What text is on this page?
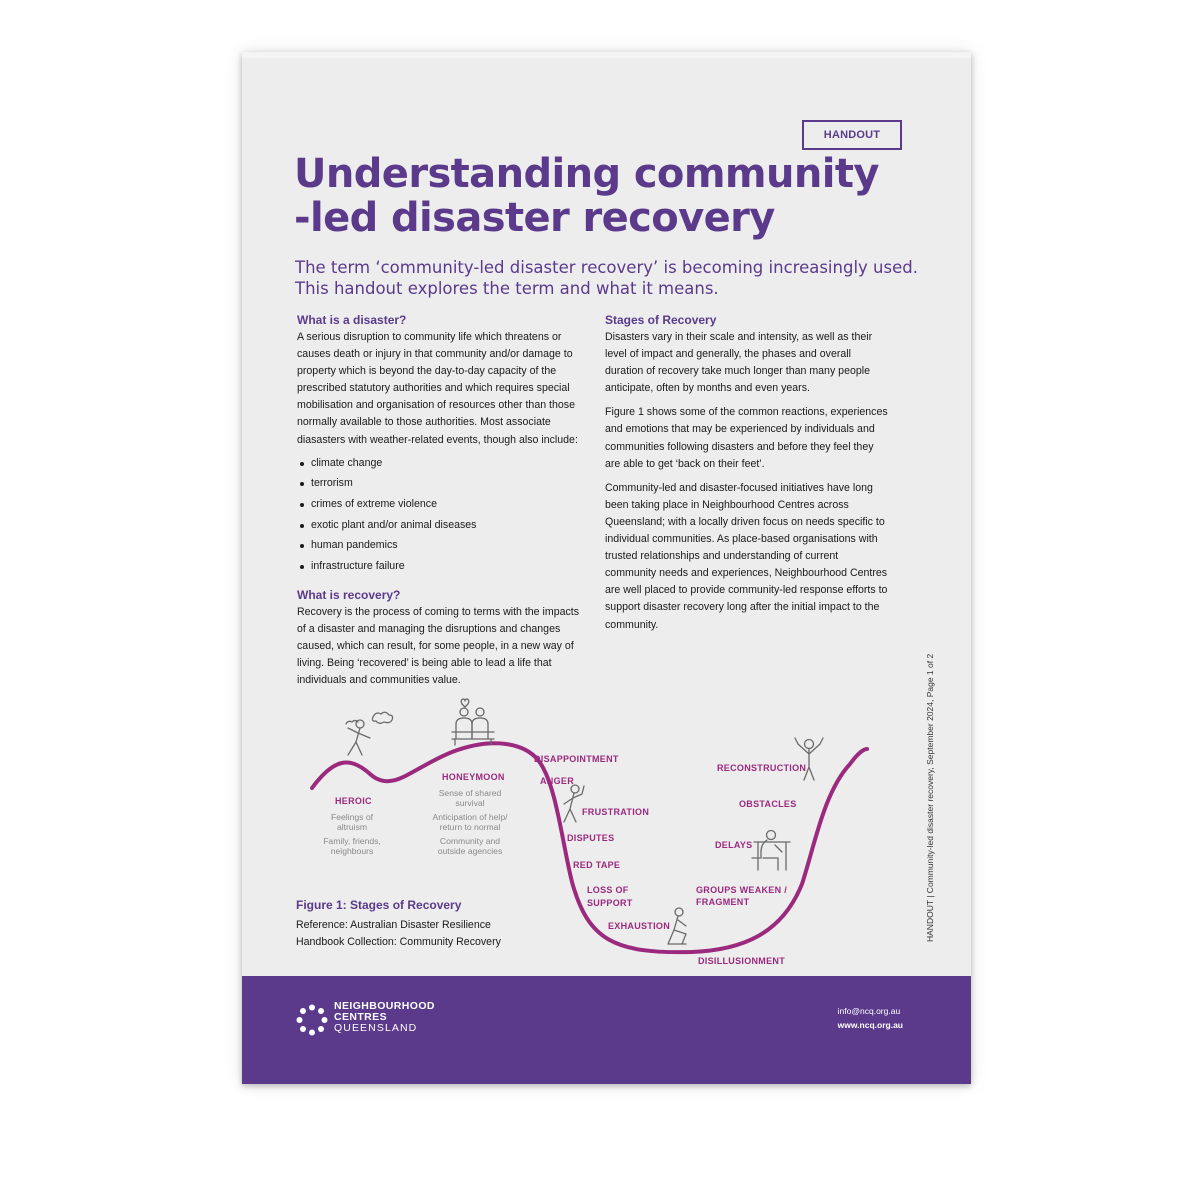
HANDOUT
Understanding community
-led disaster recovery
The term ‘community-led disaster recovery’ is becoming increasingly used.
This handout explores the term and what it means.
What is a disaster?

A serious disruption to community life which threatens or causes death or injury in that community and/or damage to property which is beyond the day-to-day capacity of the prescribed statutory authorities and which requires special mobilisation and organisation of resources other than those normally available to those authorities. Most associate diasasters with weather-related events, though also include:

climate change
terrorism
crimes of extreme violence
exotic plant and/or animal diseases
human pandemics
infrastructure failure
What is recovery?

Recovery is the process of coming to terms with the impacts of a disaster and managing the disruptions and changes caused, which can result, for some people, in a new way of living. Being ‘recovered’ is being able to lead a life that individuals and communities value.

Stages of Recovery

Disasters vary in their scale and intensity, as well as their level of impact and generally, the phases and overall duration of recovery take much longer than many people anticipate, often by months and even years.

Figure 1 shows some of the common reactions, experiences and emotions that may be experienced by individuals and communities following disasters and before they feel they are able to get ‘back on their feet’.

Community-led and disaster-focused initiatives have long been taking place in Neighbourhood Centres across Queensland; with a locally driven focus on needs specific to individual communities. As place-based organisations with trusted relationships and understanding of current community needs and experiences, Neighbourhood Centres are well placed to provide community-led response efforts to support disaster recovery long after the initial impact to the community.

HANDOUT | Community-led disaster recovery, September 2024, Page 1 of 2
HEROIC
Feelings of
altruism
Family, friends,
neighbours
HONEYMOON
Sense of shared
survival
Anticipation of help/
return to normal
Community and
outside agencies
DISAPPOINTMENT
ANGER
FRUSTRATION
DISPUTES
RED TAPE
LOSS OF
SUPPORT
EXHAUSTION
DISILLUSIONMENT
GROUPS WEAKEN /
FRAGMENT
DELAYS
OBSTACLES
RECONSTRUCTION
Figure 1: Stages of Recovery
Reference: Australian Disaster Resilience
Handbook Collection: Community Recovery
NEIGHBOURHOOD
CENTRES
QUEENSLAND
info@ncq.org.au
www.ncq.org.au
